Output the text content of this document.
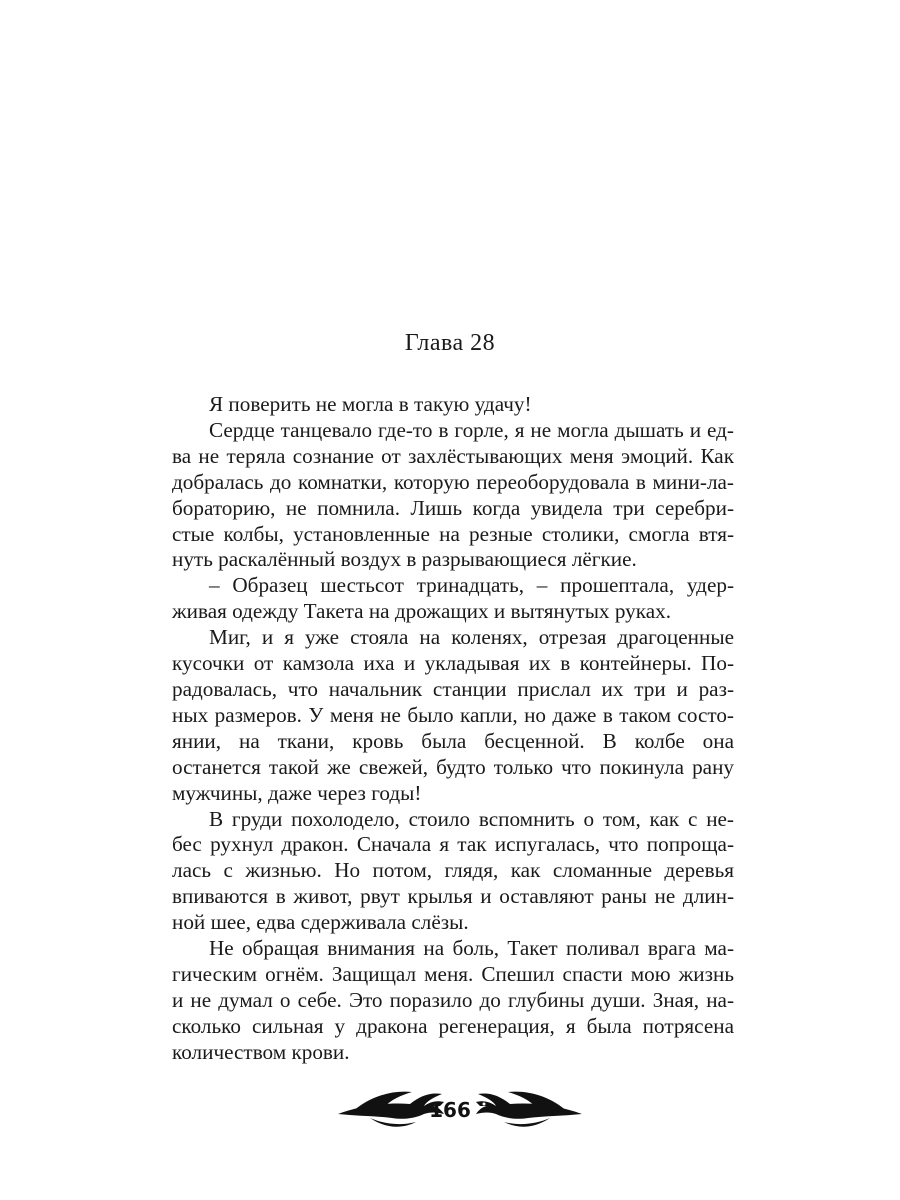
Глава 28

Я поверить не могла в такую удачу!

Сердце танцевало где-то в горле, я не могла дышать и ед-
ва не теряла сознание от захлёстывающих меня эмоций. Как
добралась до комнатки, которую переоборудовала в мини-ла-
бораторию, не помнила. Лишь когда увидела три серебри-
стые колбы, установленные на резные столики, смогла втя-
нуть раскалённый воздух в разрывающиеся лёгкие.

– Образец шестьсот тринадцать, – прошептала, удер-
живая одежду Такета на дрожащих и вытянутых руках.

Миг, и я уже стояла на коленях, отрезая драгоценные
кусочки от камзола иха и укладывая их в контейнеры. По-
радовалась, что начальник станции прислал их три и раз-
ных размеров. У меня не было капли, но даже в таком состо-
янии, на ткани, кровь была бесценной. В колбе она
останется такой же свежей, будто только что покинула рану
мужчины, даже через годы!

В груди похолодело, стоило вспомнить о том, как с не-
бес рухнул дракон. Сначала я так испугалась, что попроща-
лась с жизнью. Но потом, глядя, как сломанные деревья
впиваются в живот, рвут крылья и оставляют раны не длин-
ной шее, едва сдерживала слёзы.

Не обращая внимания на боль, Такет поливал врага ма-
гическим огнём. Защищал меня. Спешил спасти мою жизнь
и не думал о себе. Это поразило до глубины души. Зная, на-
сколько сильная у дракона регенерация, я была потрясена
количеством крови.

166
